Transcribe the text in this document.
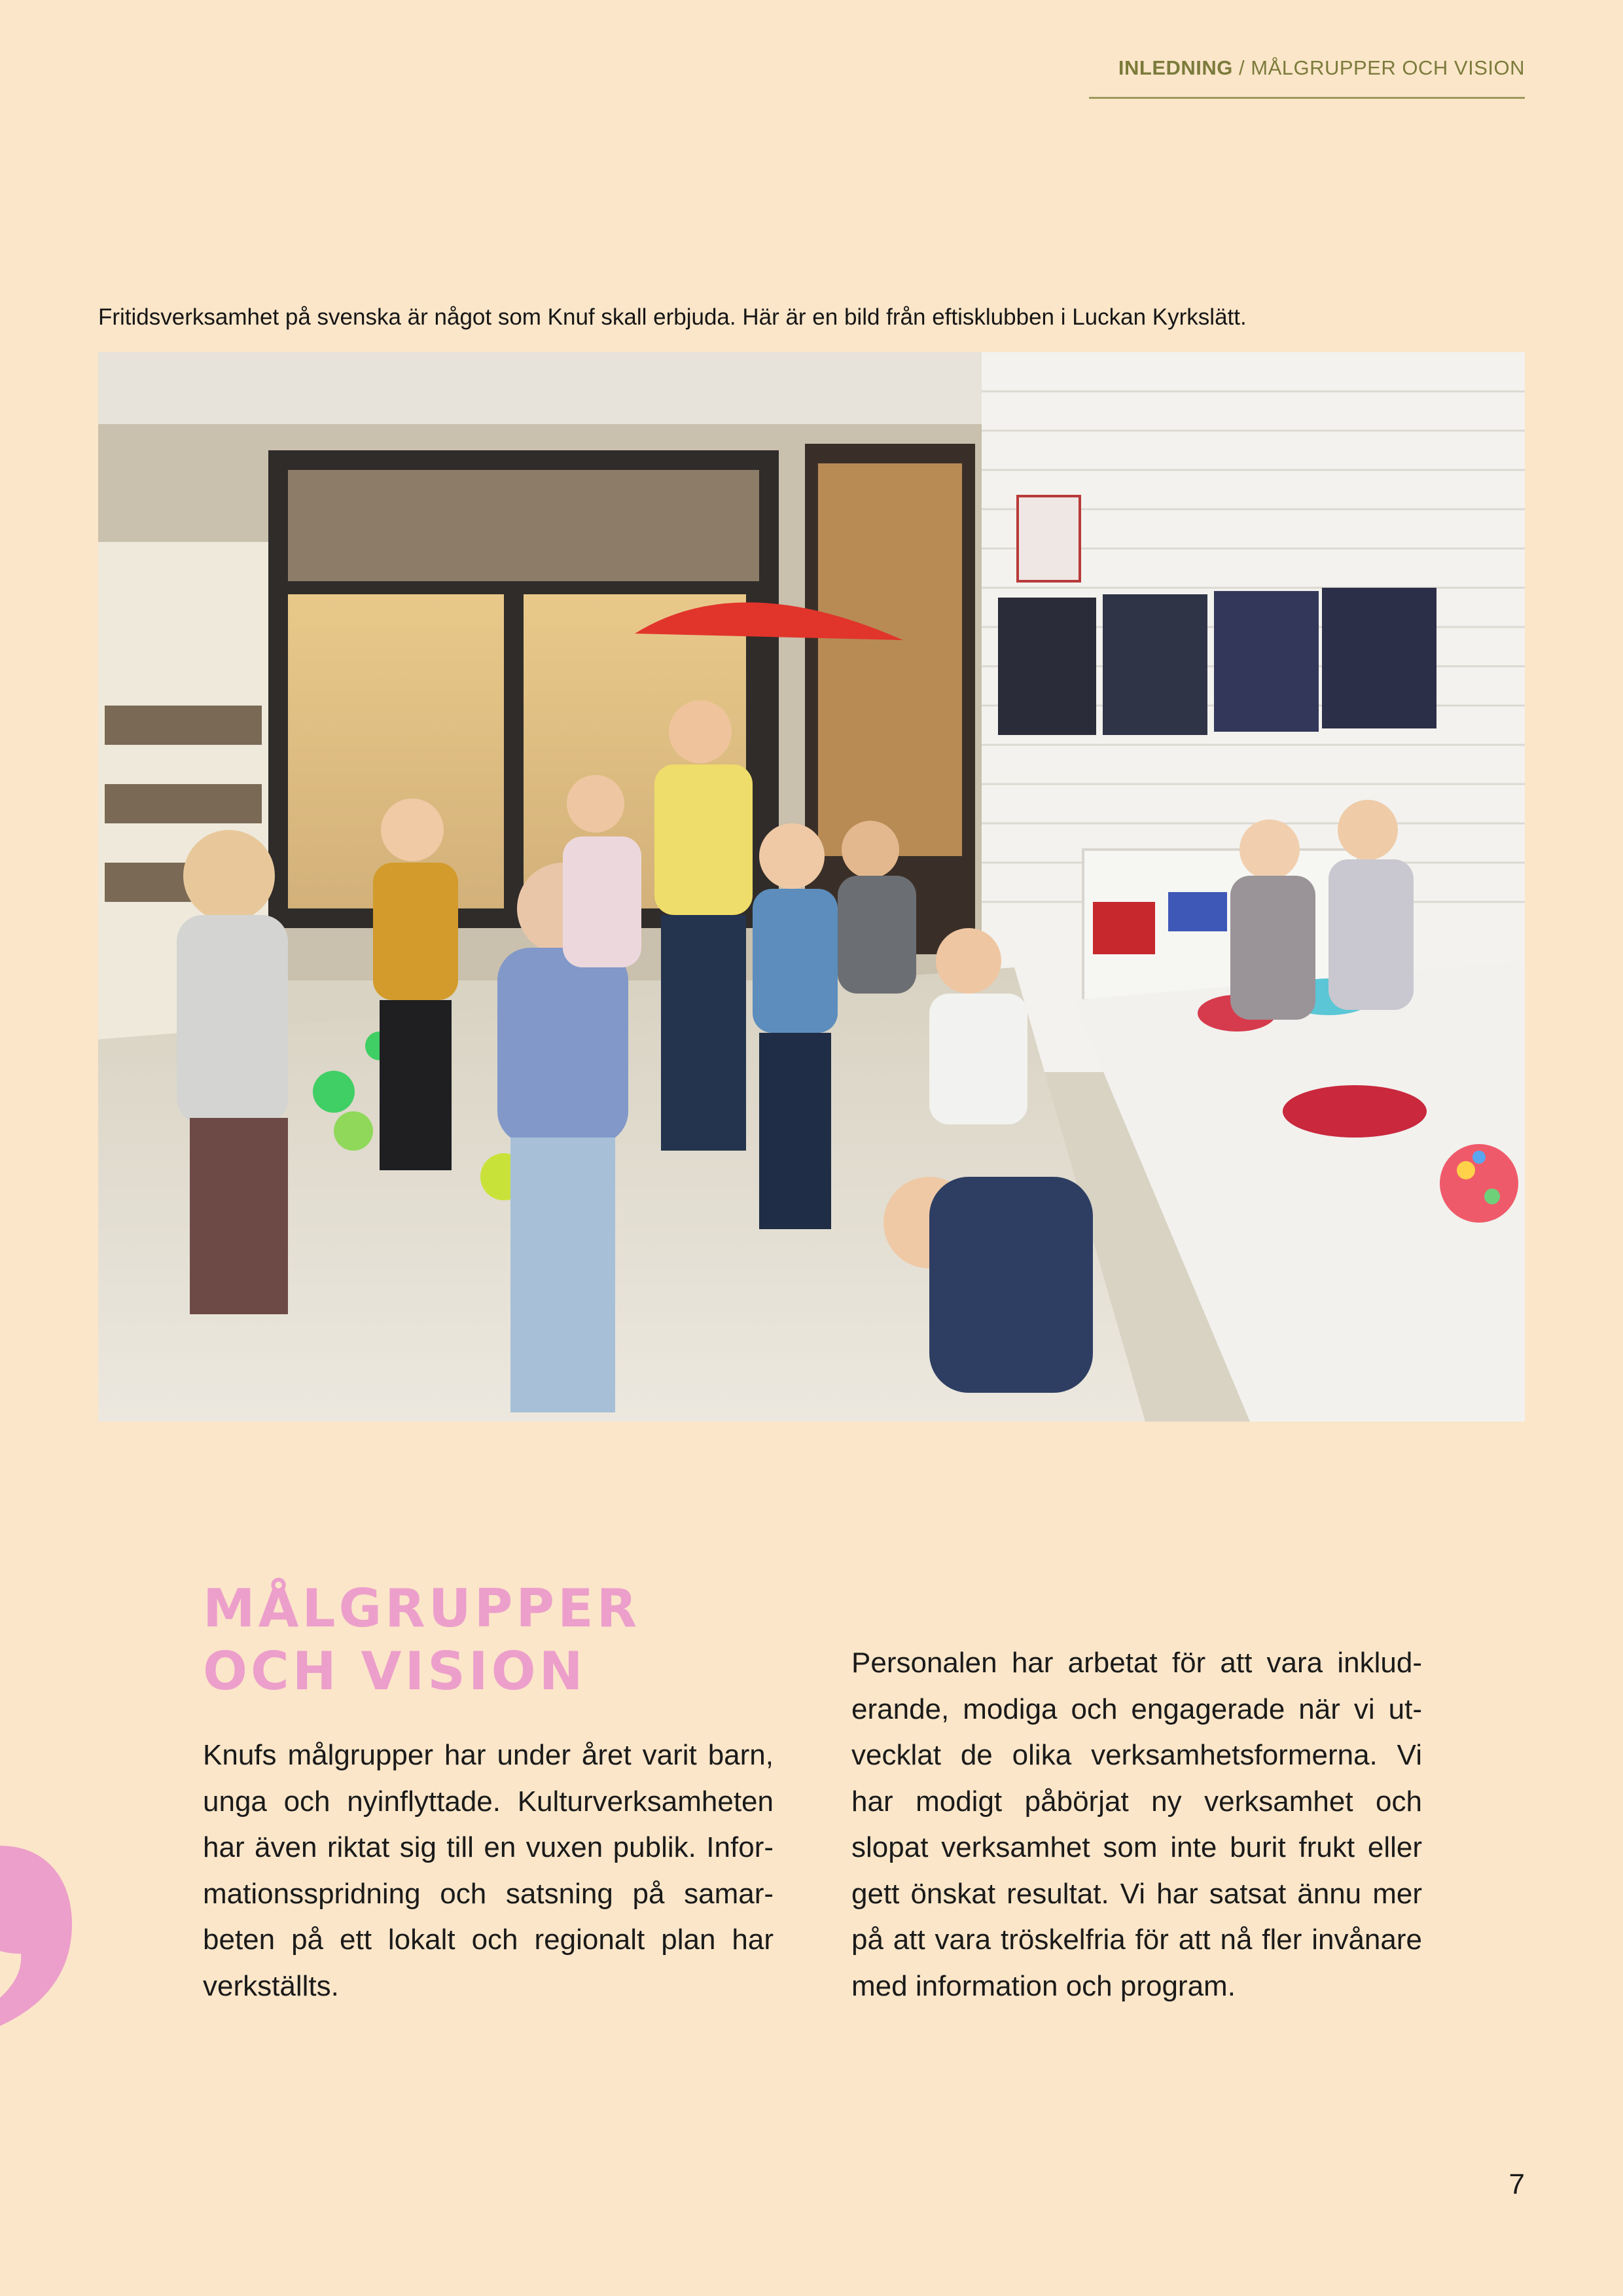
INLEDNING / MÅLGRUPPER OCH VISION
Fritidsverksamhet på svenska är något som Knuf skall erbjuda. Här är en bild från eftisklubben i Luckan Kyrkslätt.
MÅLGRUPPER
OCH VISION
Knufs målgrupper har under året varit barn, unga och nyinflyttade. Kulturverksamheten har även riktat sig till en vuxen publik. Informationsspridning och satsning på samarbeten på ett lokalt och regionalt plan har verkställts.
Personalen har arbetat för att vara inkluderande, modiga och engagerade när vi utvecklat de olika verksamhetsformerna. Vi har modigt påbörjat ny verksamhet och slopat verksamhet som inte burit frukt eller gett önskat resultat. Vi har satsat ännu mer på att vara tröskelfria för att nå fler invånare med information och program.
7
